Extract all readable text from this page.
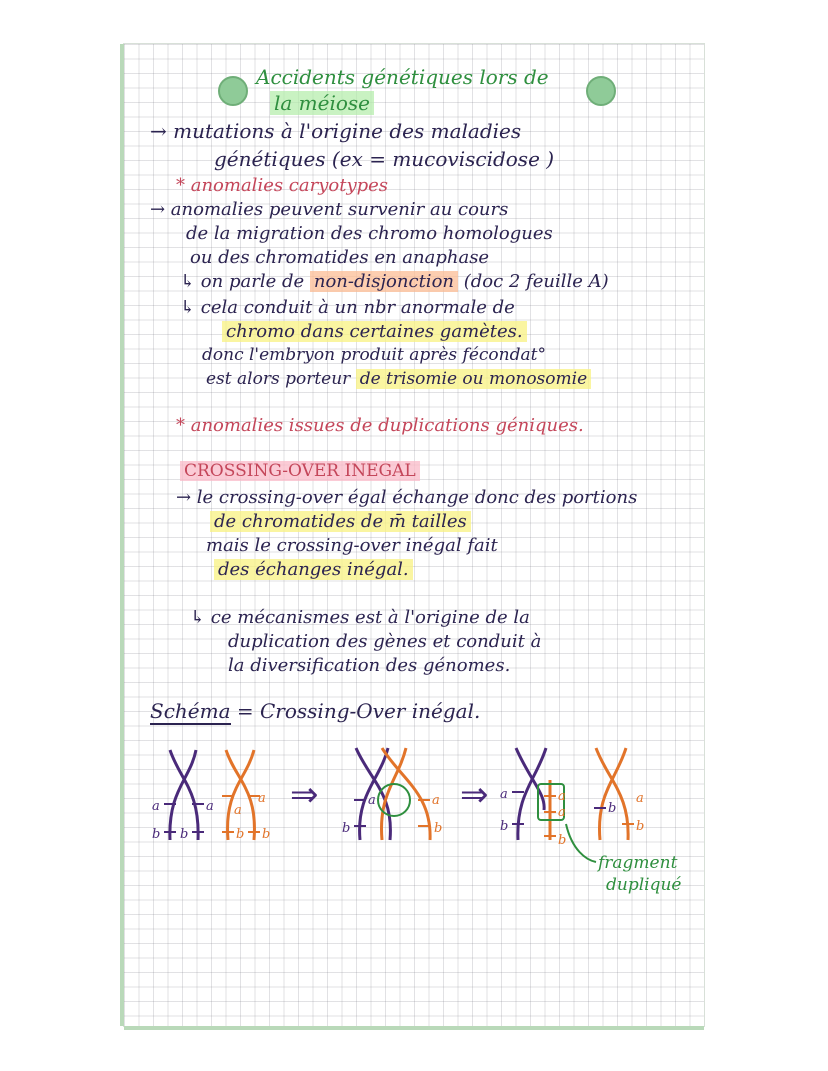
Accidents génétiques lors de
la méiose
→ mutations à l'origine des maladies
génétiques (ex = mucoviscidose )
* anomalies caryotypes
→ anomalies peuvent survenir au cours
de la migration des chromo homologues
ou des chromatides en anaphase
↳ on parle de non-disjonction (doc 2 feuille A)
↳ cela conduit à un nbr anormale de
chromo dans certaines gamètes.
donc l'embryon produit après fécondat°
est alors porteur de trisomie ou monosomie
* anomalies issues de duplications géniques.
CROSSING-OVER INEGAL
→ le crossing-over égal échange donc des portions
de chromatides de m̄ tailles
mais le crossing-over inégal fait
des échanges inégal.
↳ ce mécanismes est à l'origine de la
duplication des gènes et conduit à
la diversification des génomes.
Schéma = Crossing-Over inégal.
a	a
b b
a
a
b b
⇒	a	a
b	b
⇒ a	a
a
b
b
b
a
b
fragment
dupliqué
